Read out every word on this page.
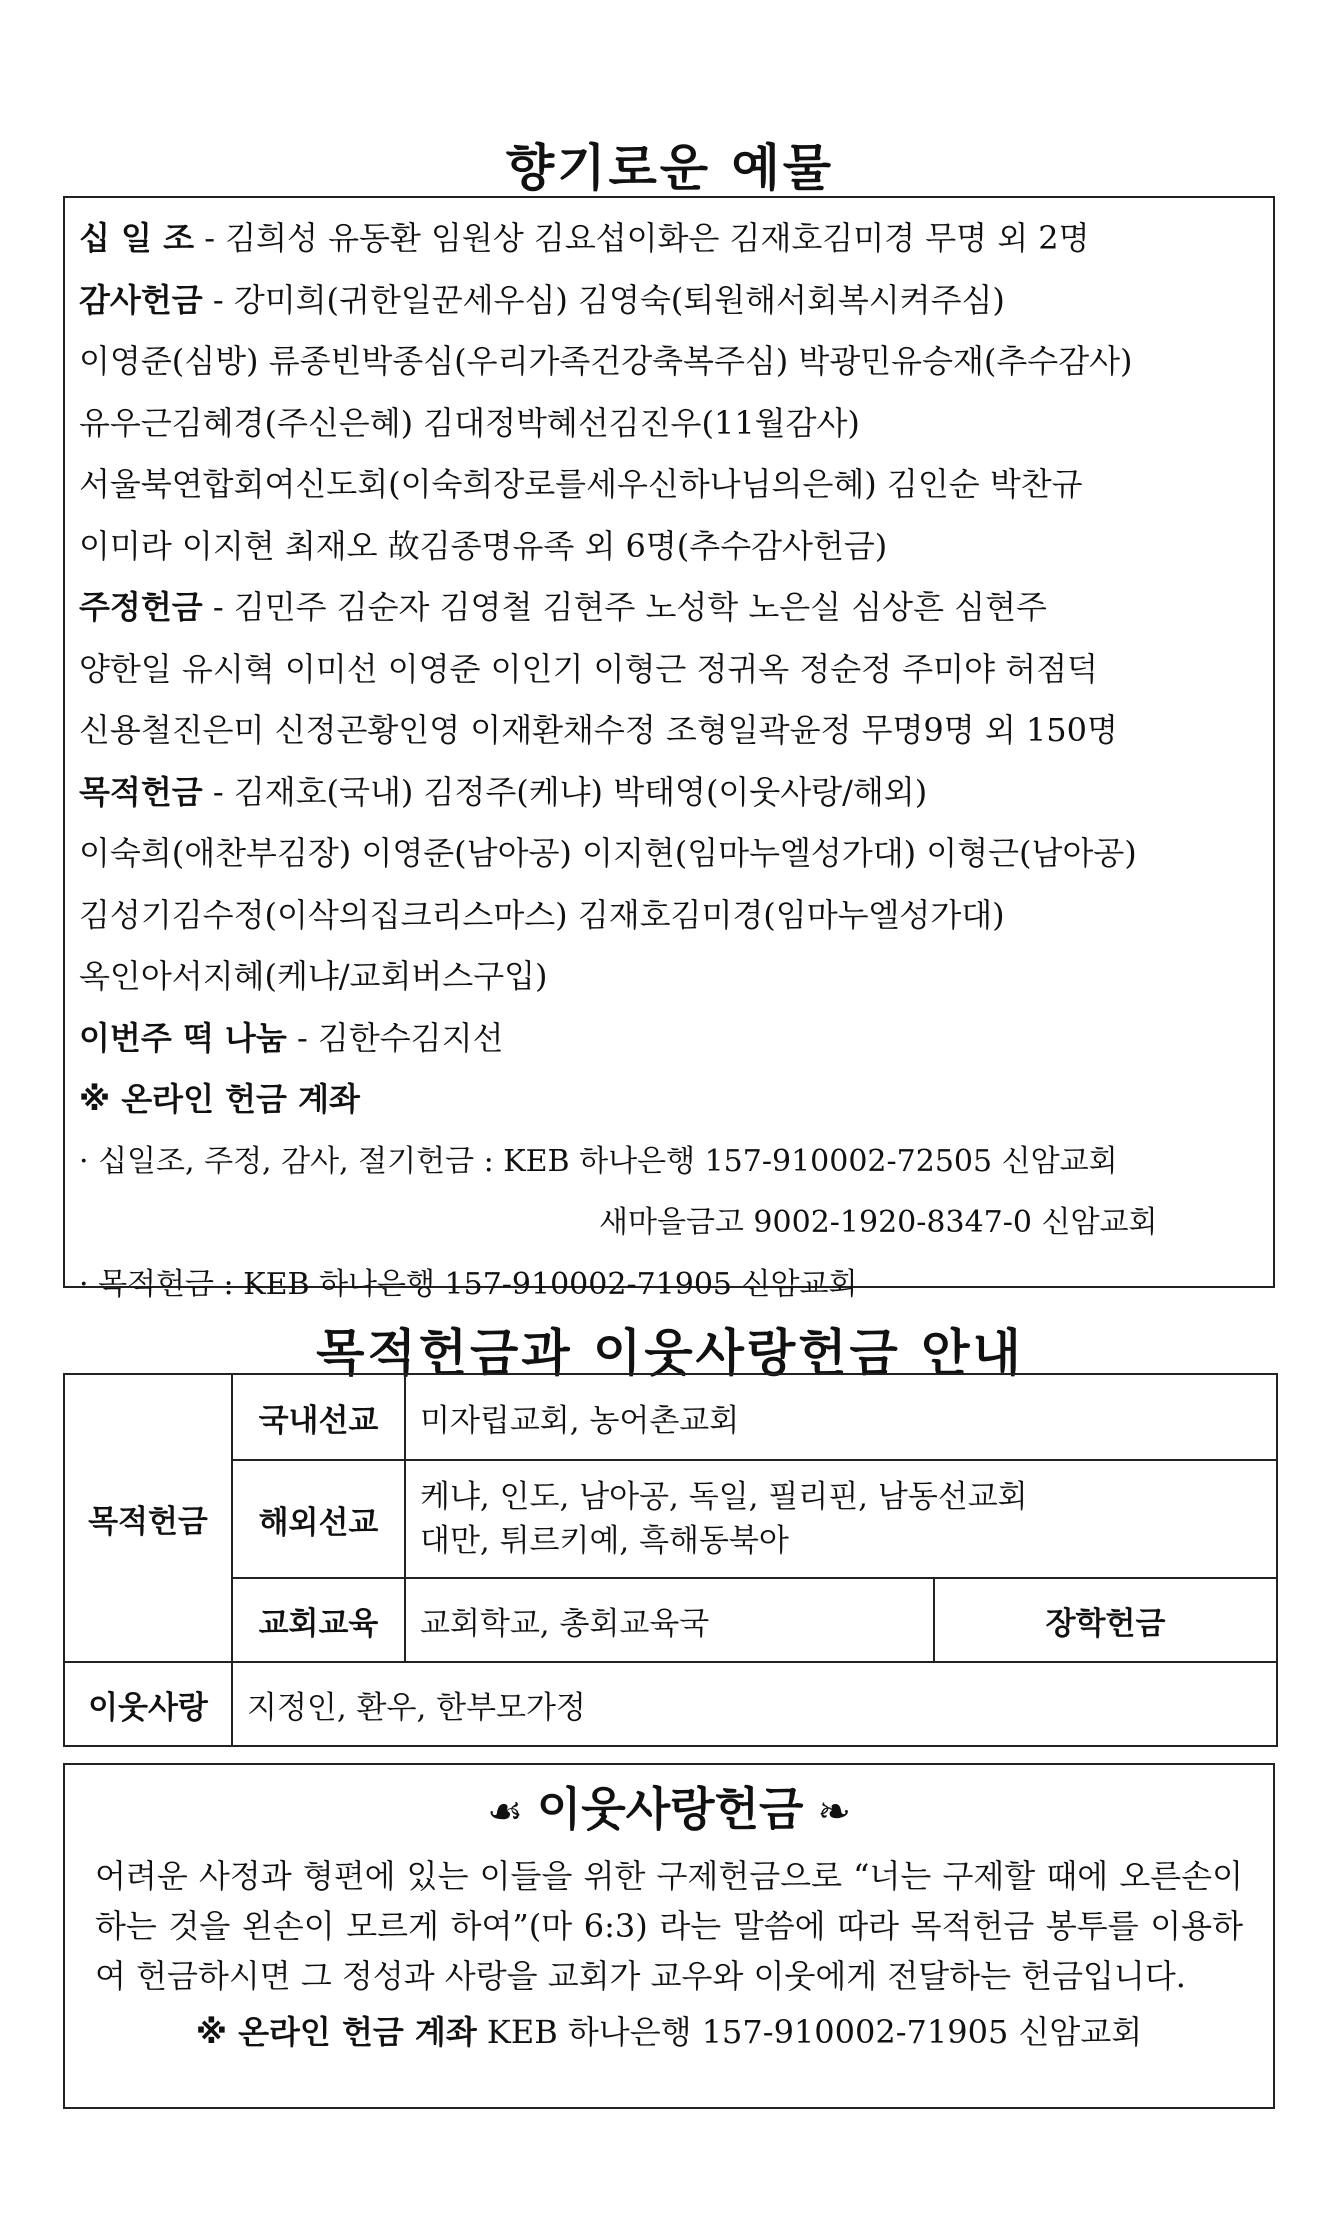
향기로운 예물
십 일 조 - 김희성 유동환 임원상 김요섭이화은 김재호김미경 무명 외 2명
감사헌금 - 강미희(귀한일꾼세우심) 김영숙(퇴원해서회복시켜주심)
이영준(심방) 류종빈박종심(우리가족건강축복주심) 박광민유승재(추수감사)
유우근김혜경(주신은혜) 김대정박혜선김진우(11월감사)
서울북연합회여신도회(이숙희장로를세우신하나님의은혜) 김인순 박찬규
이미라 이지현 최재오 故김종명유족 외 6명(추수감사헌금)
주정헌금 - 김민주 김순자 김영철 김현주 노성학 노은실 심상흔 심현주
양한일 유시혁 이미선 이영준 이인기 이형근 정귀옥 정순정 주미야 허점덕
신용철진은미 신정곤황인영 이재환채수정 조형일곽윤정 무명9명 외 150명
목적헌금 - 김재호(국내) 김정주(케냐) 박태영(이웃사랑/해외)
이숙희(애찬부김장) 이영준(남아공) 이지현(임마누엘성가대) 이형근(남아공)
김성기김수정(이삭의집크리스마스) 김재호김미경(임마누엘성가대)
옥인아서지혜(케냐/교회버스구입)
이번주 떡 나눔 - 김한수김지선
※ 온라인 헌금 계좌
· 십일조, 주정, 감사, 절기헌금 : KEB 하나은행 157-910002-72505 신암교회
새마을금고 9002-1920-8347-0 신암교회
· 목적헌금 : KEB 하나은행 157-910002-71905 신암교회
목적헌금과 이웃사랑헌금 안내
목적헌금	국내선교	미자립교회, 농어촌교회	
	해외선교	케냐, 인도, 남아공, 독일, 필리핀, 남동선교회
대만, 튀르키예, 흑해동북아	

	교회교육	교회학교, 총회교육국	장학헌금
이웃사랑	지정인, 환우, 한부모가정		
☙ 이웃사랑헌금 ❧
어려운 사정과 형편에 있는 이들을 위한 구제헌금으로 “너는 구제할 때에 오른손이 하는 것을 왼손이 모르게 하여”(마 6:3) 라는 말씀에 따라 목적헌금 봉투를 이용하여 헌금하시면 그 정성과 사랑을 교회가 교우와 이웃에게 전달하는 헌금입니다.
※ 온라인 헌금 계좌 KEB 하나은행 157-910002-71905 신암교회
